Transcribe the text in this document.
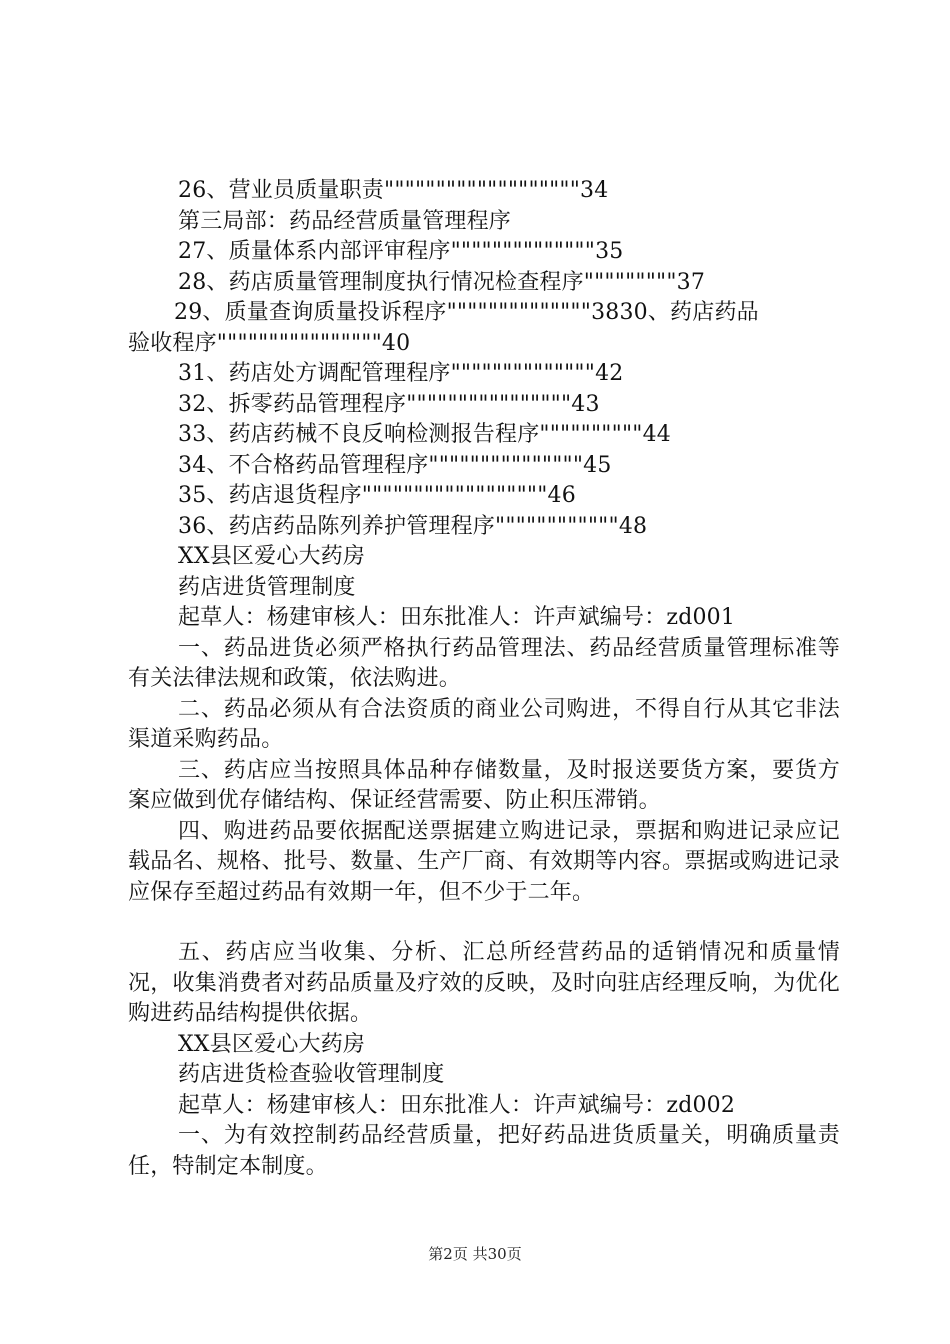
26、营业员质量职责"""""""""""""""""""34
第三局部：药品经营质量管理程序
27、质量体系内部评审程序""""""""""""""35
28、药店质量管理制度执行情况检查程序"""""""""37
29、质量查询质量投诉程序""""""""""""""3830、药店药品
验收程序""""""""""""""""40
31、药店处方调配管理程序""""""""""""""42
32、拆零药品管理程序""""""""""""""""43
33、药店药械不良反响检测报告程序""""""""""44
34、不合格药品管理程序"""""""""""""""45
35、药店退货程序""""""""""""""""""46
36、药店药品陈列养护管理程序""""""""""""48
XX县区爱心大药房
药店进货管理制度
起草人：杨建审核人：田东批准人：许声斌编号：zd001
一、药品进货必须严格执行药品管理法、药品经营质量管理标准等有关法律法规和政策，依法购进。
二、药品必须从有合法资质的商业公司购进，不得自行从其它非法渠道采购药品。
三、药店应当按照具体品种存储数量，及时报送要货方案，要货方案应做到优存储结构、保证经营需要、防止积压滞销。
四、购进药品要依据配送票据建立购进记录，票据和购进记录应记载品名、规格、批号、数量、生产厂商、有效期等内容。票据或购进记录应保存至超过药品有效期一年，但不少于二年。
五、药店应当收集、分析、汇总所经营药品的适销情况和质量情况，收集消费者对药品质量及疗效的反映，及时向驻店经理反响，为优化购进药品结构提供依据。
XX县区爱心大药房
药店进货检查验收管理制度
起草人：杨建审核人：田东批准人：许声斌编号：zd002
一、为有效控制药品经营质量，把好药品进货质量关，明确质量责任，特制定本制度。
第2页 共30页
